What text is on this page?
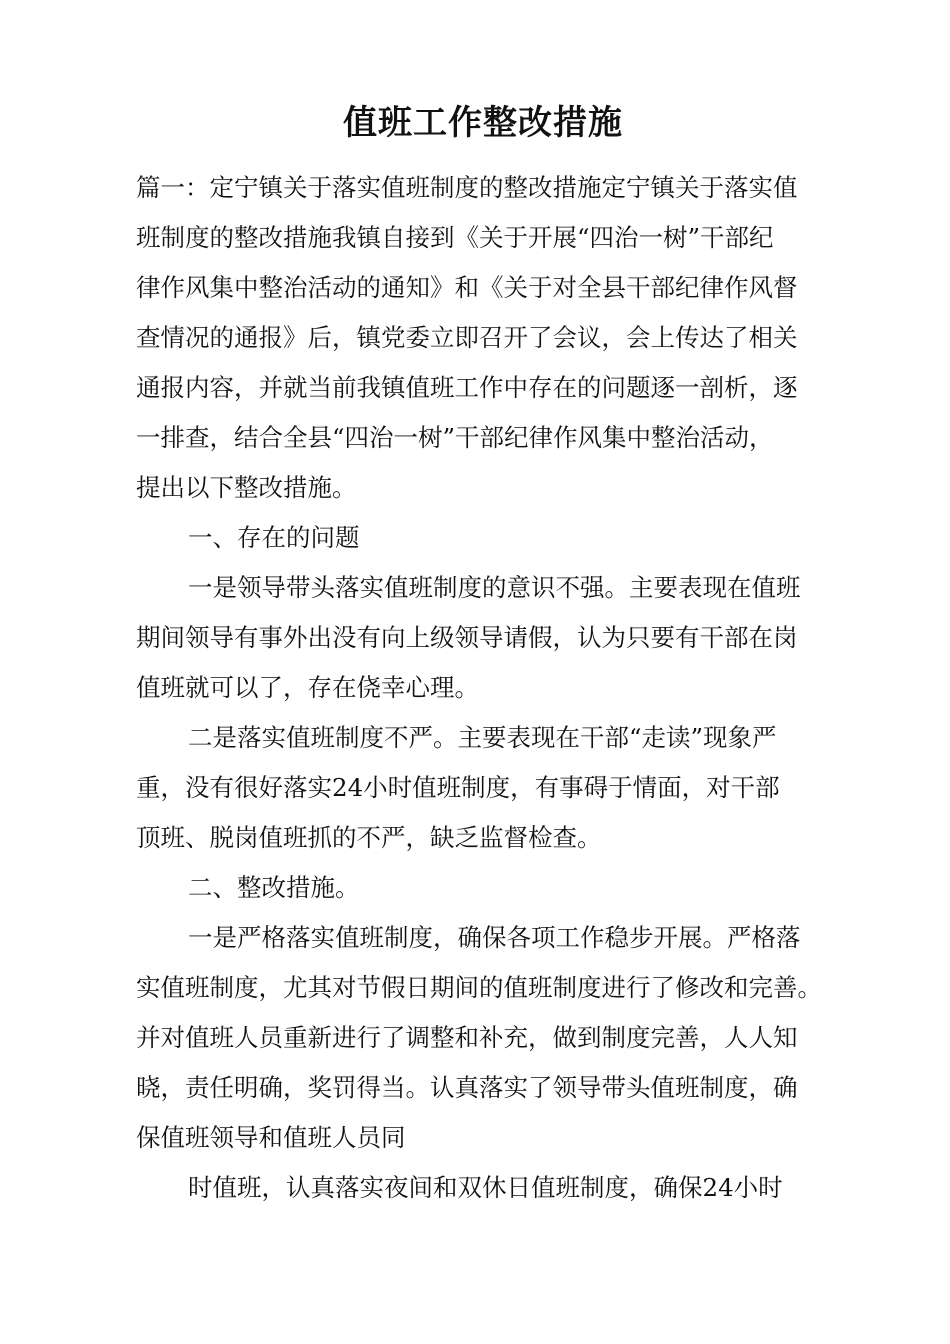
值班工作整改措施
篇一：定宁镇关于落实值班制度的整改措施定宁镇关于落实值
班制度的整改措施我镇自接到《关于开展“四治一树”干部纪
律作风集中整治活动的通知》和《关于对全县干部纪律作风督
查情况的通报》后，镇党委立即召开了会议，会上传达了相关
通报内容，并就当前我镇值班工作中存在的问题逐一剖析，逐
一排查，结合全县“四治一树”干部纪律作风集中整治活动，
提出以下整改措施。
一、存在的问题
一是领导带头落实值班制度的意识不强。主要表现在值班
期间领导有事外出没有向上级领导请假，认为只要有干部在岗
值班就可以了，存在侥幸心理。
二是落实值班制度不严。主要表现在干部“走读”现象严
重，没有很好落实24小时值班制度，有事碍于情面，对干部
顶班、脱岗值班抓的不严，缺乏监督检查。
二、整改措施。
一是严格落实值班制度，确保各项工作稳步开展。严格落
实值班制度，尤其对节假日期间的值班制度进行了修改和完善。
并对值班人员重新进行了调整和补充，做到制度完善，人人知
晓，责任明确，奖罚得当。认真落实了领导带头值班制度，确
保值班领导和值班人员同
时值班，认真落实夜间和双休日值班制度，确保24小时
